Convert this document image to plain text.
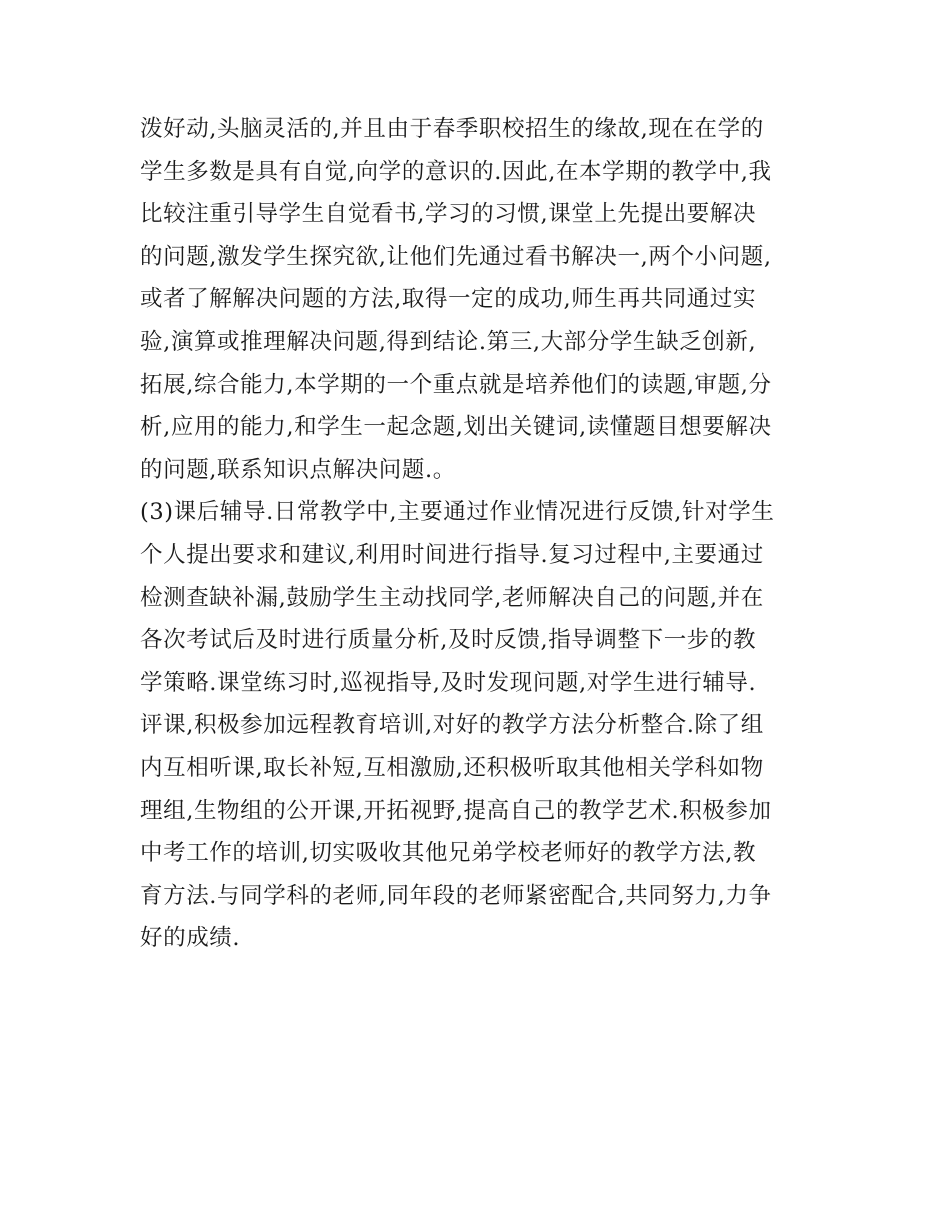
泼好动,头脑灵活的,并且由于春季职校招生的缘故,现在在学的
学生多数是具有自觉,向学的意识的.因此,在本学期的教学中,我
比较注重引导学生自觉看书,学习的习惯,课堂上先提出要解决
的问题,激发学生探究欲,让他们先通过看书解决一,两个小问题,
或者了解解决问题的方法,取得一定的成功,师生再共同通过实
验,演算或推理解决问题,得到结论.第三,大部分学生缺乏创新,
拓展,综合能力,本学期的一个重点就是培养他们的读题,审题,分
析,应用的能力,和学生一起念题,划出关键词,读懂题目想要解决
的问题,联系知识点解决问题.。
(3)课后辅导.日常教学中,主要通过作业情况进行反馈,针对学生
个人提出要求和建议,利用时间进行指导.复习过程中,主要通过
检测查缺补漏,鼓励学生主动找同学,老师解决自己的问题,并在
各次考试后及时进行质量分析,及时反馈,指导调整下一步的教
学策略.课堂练习时,巡视指导,及时发现问题,对学生进行辅导.
评课,积极参加远程教育培训,对好的教学方法分析整合.除了组
内互相听课,取长补短,互相激励,还积极听取其他相关学科如物
理组,生物组的公开课,开拓视野,提高自己的教学艺术.积极参加
中考工作的培训,切实吸收其他兄弟学校老师好的教学方法,教
育方法.与同学科的老师,同年段的老师紧密配合,共同努力,力争
好的成绩.
